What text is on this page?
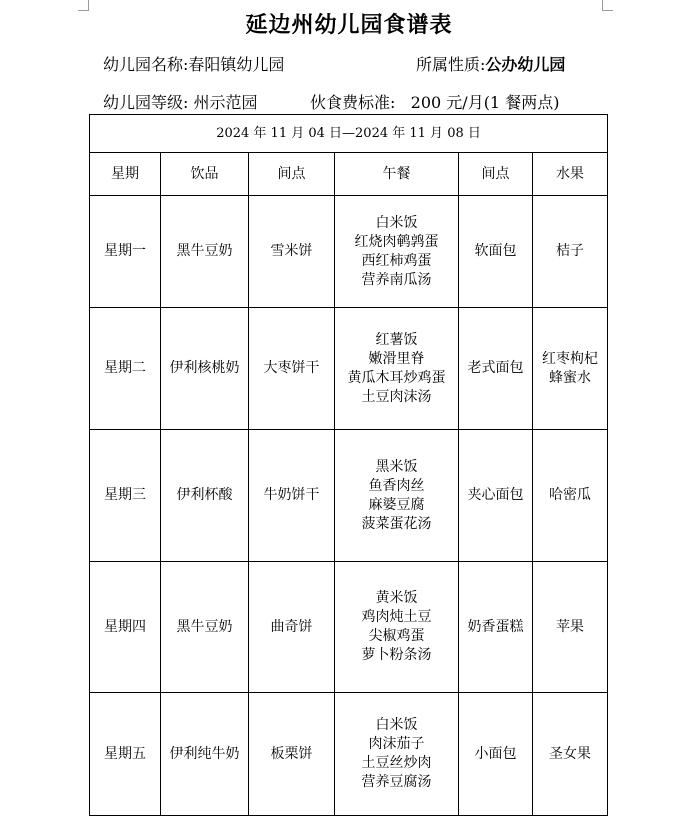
延边州幼儿园食谱表
幼儿园名称:春阳镇幼儿园	所属性质:公办幼儿园
幼儿园等级: 州示范园	伙食费标准: 200 元/月(1 餐两点)
2024 年 11 月 04 日—2024 年 11 月 08 日					
星期	饮品	间点	午餐	间点	水果
星期一	黑牛豆奶	雪米饼	白米饭
红烧肉鹌鹑蛋
西红柿鸡蛋
营养南瓜汤	软面包	桔子

星期二	伊利核桃奶	大枣饼干	红薯饭
嫩滑里脊
黄瓜木耳炒鸡蛋
土豆肉沫汤	老式面包	红枣枸杞
蜂蜜水

星期三	伊利杯酸	牛奶饼干	黑米饭
鱼香肉丝
麻婆豆腐
菠菜蛋花汤	夹心面包	哈密瓜

星期四	黑牛豆奶	曲奇饼	黄米饭
鸡肉炖土豆
尖椒鸡蛋
萝卜粉条汤	奶香蛋糕	苹果

星期五	伊利纯牛奶	板栗饼	白米饭
肉沫茄子
土豆丝炒肉
营养豆腐汤	小面包	圣女果
